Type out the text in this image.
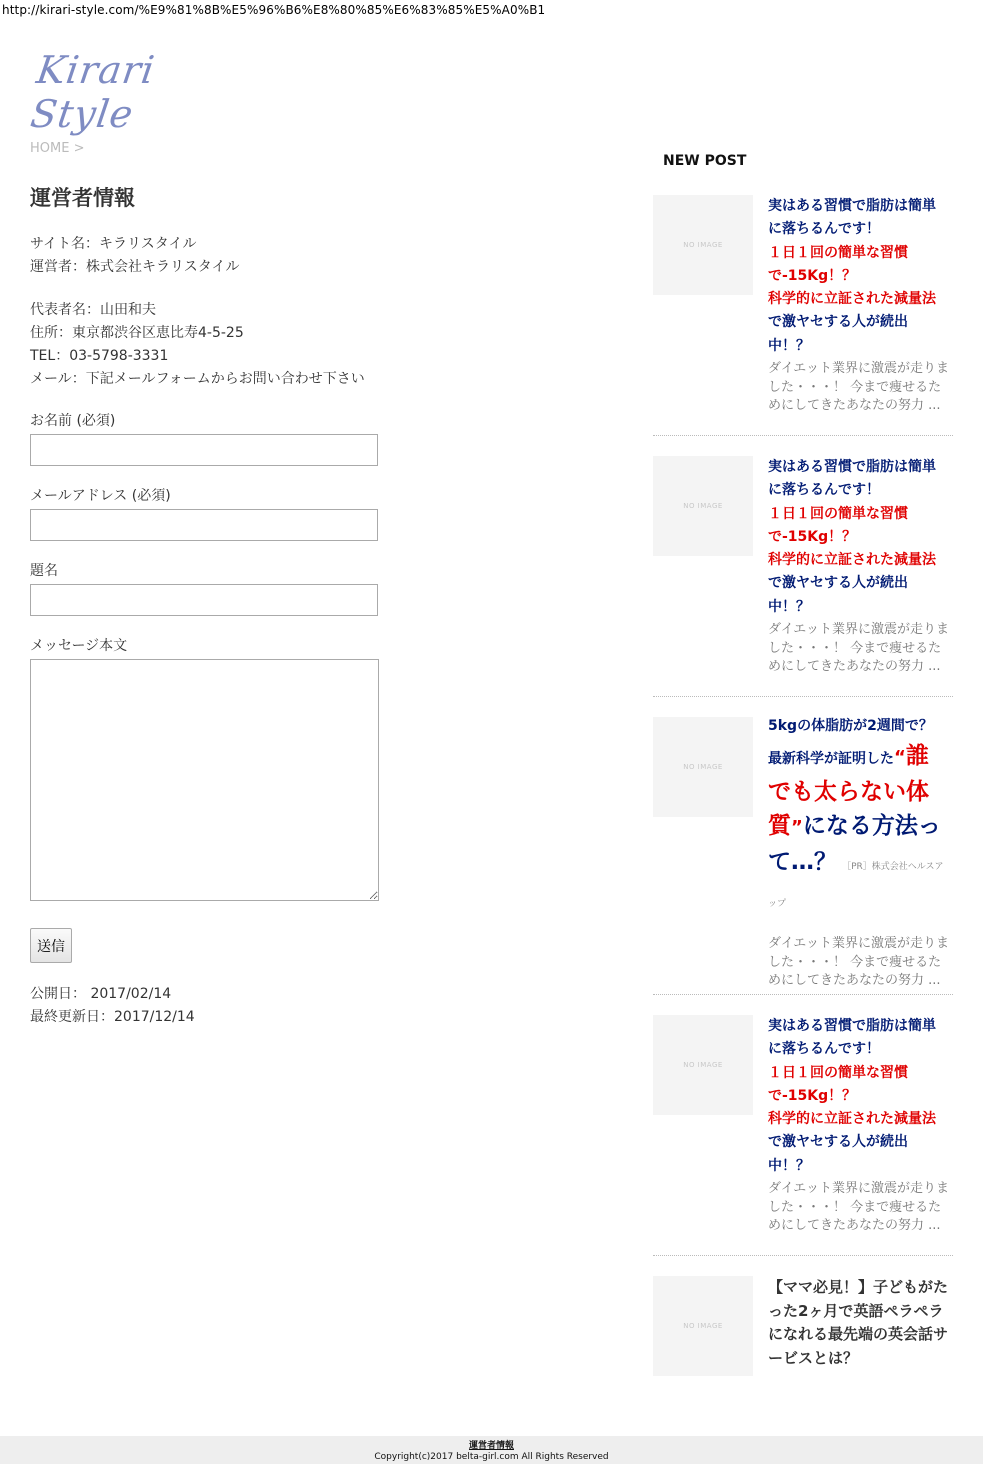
http://kirari-style.com/%E9%81%8B%E5%96%B6%E8%80%85%E6%83%85%E5%A0%B1
Kirari Style
HOME >
運営者情報
サイト名：キラリスタイル
運営者：株式会社キラリスタイル
代表者名：山田和夫
住所：東京都渋谷区恵比寿4-5-25
TEL：03-5798-3331
メール：下記メールフォームからお問い合わせ下さい
お名前 (必須)
メールアドレス (必須)
題名
メッセージ本文
送信
公開日： 2017/02/14
最終更新日：2017/12/14
NEW POST
NO IMAGE
実はある習慣で脂肪は簡単
に落ちるんです！
１日１回の簡単な習慣
で-15Kg！？
科学的に立証された減量法
で激ヤセする人が続出
中！？
ダイエット業界に激震が走りました・・・！ 今まで痩せるためにしてきたあなたの努力 ...
NO IMAGE
実はある習慣で脂肪は簡単
に落ちるんです！
１日１回の簡単な習慣
で-15Kg！？
科学的に立証された減量法
で激ヤセする人が続出
中！？
ダイエット業界に激震が走りました・・・！ 今まで痩せるためにしてきたあなたの努力 ...
NO IMAGE
5kgの体脂肪が2週間で？
最新科学が証明した“誰
でも太らない体
質”になる方法っ
て…？ ［PR］株式会社ヘルスアップ
ダイエット業界に激震が走りました・・・！ 今まで痩せるためにしてきたあなたの努力 ...
NO IMAGE
実はある習慣で脂肪は簡単
に落ちるんです！
１日１回の簡単な習慣
で-15Kg！？
科学的に立証された減量法
で激ヤセする人が続出
中！？
ダイエット業界に激震が走りました・・・！ 今まで痩せるためにしてきたあなたの努力 ...
NO IMAGE
【ママ必見！】子どもがた
った2ヶ月で英語ペラペラ
になれる最先端の英会話サ
ービスとは？
運営者情報
Copyright(c)2017 belta-girl.com All Rights Reserved
